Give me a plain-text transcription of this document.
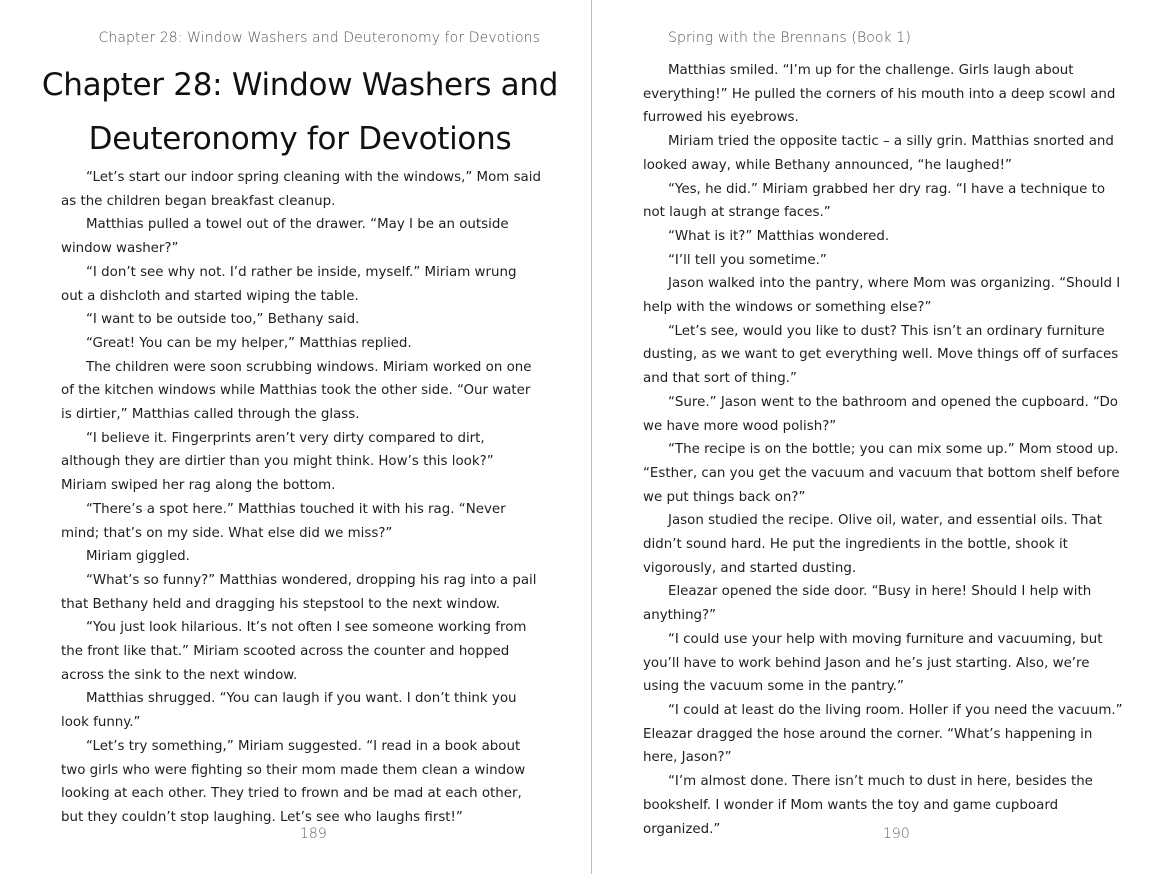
Chapter 28: Window Washers and Deuteronomy for Devotions
Chapter 28: Window Washers and
Deuteronomy for Devotions

“Let’s start our indoor spring cleaning with the windows,” Mom said as the children began breakfast cleanup.

Matthias pulled a towel out of the drawer. “May I be an outside window washer?”

“I don’t see why not. I’d rather be inside, myself.” Miriam wrung out a dishcloth and started wiping the table.

“I want to be outside too,” Bethany said.

“Great! You can be my helper,” Matthias replied.

The children were soon scrubbing windows. Miriam worked on one of the kitchen windows while Matthias took the other side. “Our water is dirtier,” Matthias called through the glass.

“I believe it. Fingerprints aren’t very dirty compared to dirt, although they are dirtier than you might think. How’s this look?” Miriam swiped her rag along the bottom.

“There’s a spot here.” Matthias touched it with his rag. “Never mind; that’s on my side. What else did we miss?”

Miriam giggled.

“What’s so funny?” Matthias wondered, dropping his rag into a pail that Bethany held and dragging his stepstool to the next window.

“You just look hilarious. It’s not often I see someone working from the front like that.” Miriam scooted across the counter and hopped across the sink to the next window.

Matthias shrugged. “You can laugh if you want. I don’t think you look funny.”

“Let’s try something,” Miriam suggested. “I read in a book about two girls who were fighting so their mom made them clean a window looking at each other. They tried to frown and be mad at each other, but they couldn’t stop laughing. Let’s see who laughs first!”

189
Spring with the Brennans (Book 1)

Matthias smiled. “I’m up for the challenge. Girls laugh about everything!” He pulled the corners of his mouth into a deep scowl and furrowed his eyebrows.

Miriam tried the opposite tactic – a silly grin. Matthias snorted and looked away, while Bethany announced, “he laughed!”

“Yes, he did.” Miriam grabbed her dry rag. “I have a technique to not laugh at strange faces.”

“What is it?” Matthias wondered.

“I’ll tell you sometime.”

Jason walked into the pantry, where Mom was organizing. “Should I help with the windows or something else?”

“Let’s see, would you like to dust? This isn’t an ordinary furniture dusting, as we want to get everything well. Move things off of surfaces and that sort of thing.”

“Sure.” Jason went to the bathroom and opened the cupboard. “Do we have more wood polish?”

“The recipe is on the bottle; you can mix some up.” Mom stood up.

“Esther, can you get the vacuum and vacuum that bottom shelf before we put things back on?”

Jason studied the recipe. Olive oil, water, and essential oils. That didn’t sound hard. He put the ingredients in the bottle, shook it vigorously, and started dusting.

Eleazar opened the side door. “Busy in here! Should I help with anything?”

“I could use your help with moving furniture and vacuuming, but you’ll have to work behind Jason and he’s just starting. Also, we’re using the vacuum some in the pantry.”

“I could at least do the living room. Holler if you need the vacuum.” Eleazar dragged the hose around the corner. “What’s happening in here, Jason?”

“I’m almost done. There isn’t much to dust in here, besides the bookshelf. I wonder if Mom wants the toy and game cupboard organized.”	190
